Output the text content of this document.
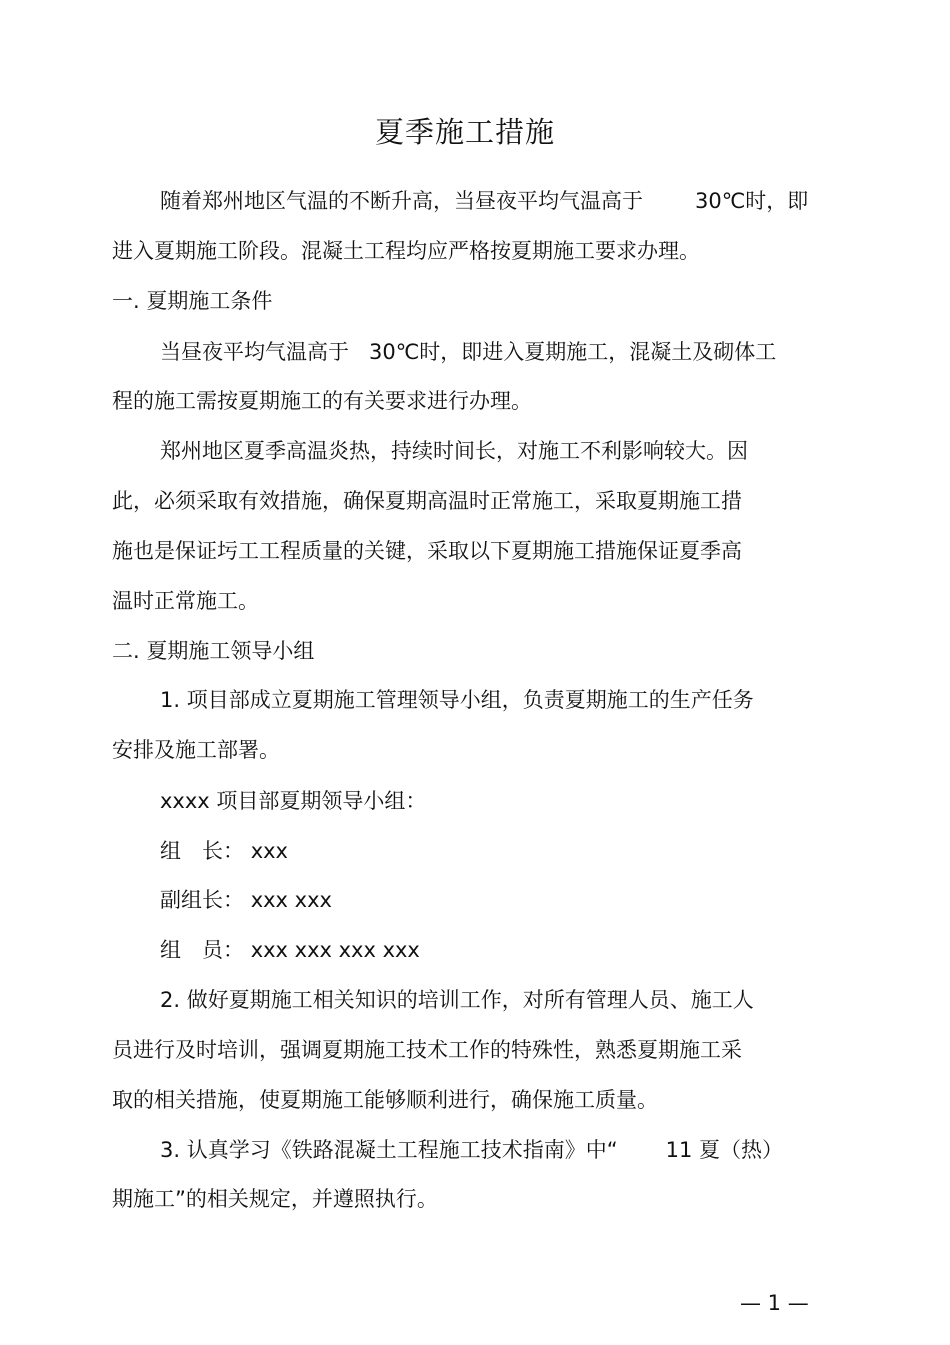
夏季施工措施
随着郑州地区气温的不断升高，当昼夜平均气温高于 30℃时，即
进入夏期施工阶段。混凝土工程均应严格按夏期施工要求办理。
一. 夏期施工条件
当昼夜平均气温高于 30℃时，即进入夏期施工，混凝土及砌体工
程的施工需按夏期施工的有关要求进行办理。
郑州地区夏季高温炎热，持续时间长，对施工不利影响较大。因
此，必须采取有效措施，确保夏期高温时正常施工，采取夏期施工措
施也是保证圬工工程质量的关键，采取以下夏期施工措施保证夏季高
温时正常施工。
二. 夏期施工领导小组
1. 项目部成立夏期施工管理领导小组，负责夏期施工的生产任务
安排及施工部署。
xxxx 项目部夏期领导小组：
组　长： xxx
副组长： xxx xxx
组　员： xxx xxx xxx xxx
2. 做好夏期施工相关知识的培训工作，对所有管理人员、施工人
员进行及时培训，强调夏期施工技术工作的特殊性，熟悉夏期施工采
取的相关措施，使夏期施工能够顺利进行，确保施工质量。
3. 认真学习《铁路混凝土工程施工技术指南》中“ 11 夏（热）
期施工”的相关规定，并遵照执行。
— 1 —
